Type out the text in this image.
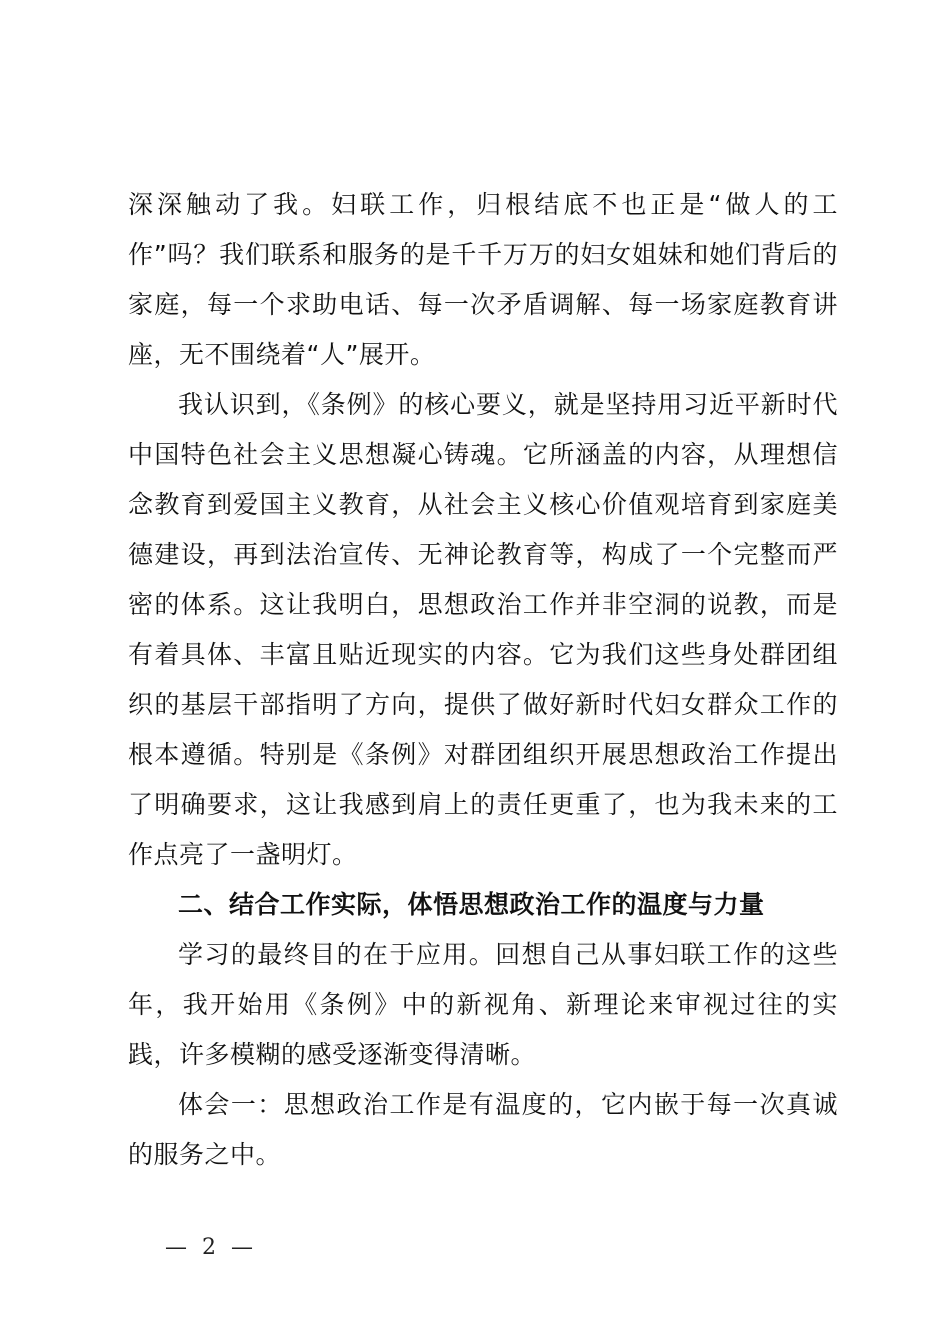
深深触动了我。妇联工作，归根结底不也正是“做人的工作”吗？我们联系和服务的是千千万万的妇女姐妹和她们背后的家庭，每一个求助电话、每一次矛盾调解、每一场家庭教育讲座，无不围绕着“人”展开。

我认识到，《条例》的核心要义，就是坚持用习近平新时代中国特色社会主义思想凝心铸魂。它所涵盖的内容，从理想信念教育到爱国主义教育，从社会主义核心价值观培育到家庭美德建设，再到法治宣传、无神论教育等，构成了一个完整而严密的体系。这让我明白，思想政治工作并非空洞的说教，而是有着具体、丰富且贴近现实的内容。它为我们这些身处群团组织的基层干部指明了方向，提供了做好新时代妇女群众工作的根本遵循。特别是《条例》对群团组织开展思想政治工作提出了明确要求，这让我感到肩上的责任更重了，也为我未来的工作点亮了一盏明灯。

二、结合工作实际，体悟思想政治工作的温度与力量

学习的最终目的在于应用。回想自己从事妇联工作的这些年，我开始用《条例》中的新视角、新理论来审视过往的实践，许多模糊的感受逐渐变得清晰。

体会一：思想政治工作是有温度的，它内嵌于每一次真诚的服务之中。

— 2 —
